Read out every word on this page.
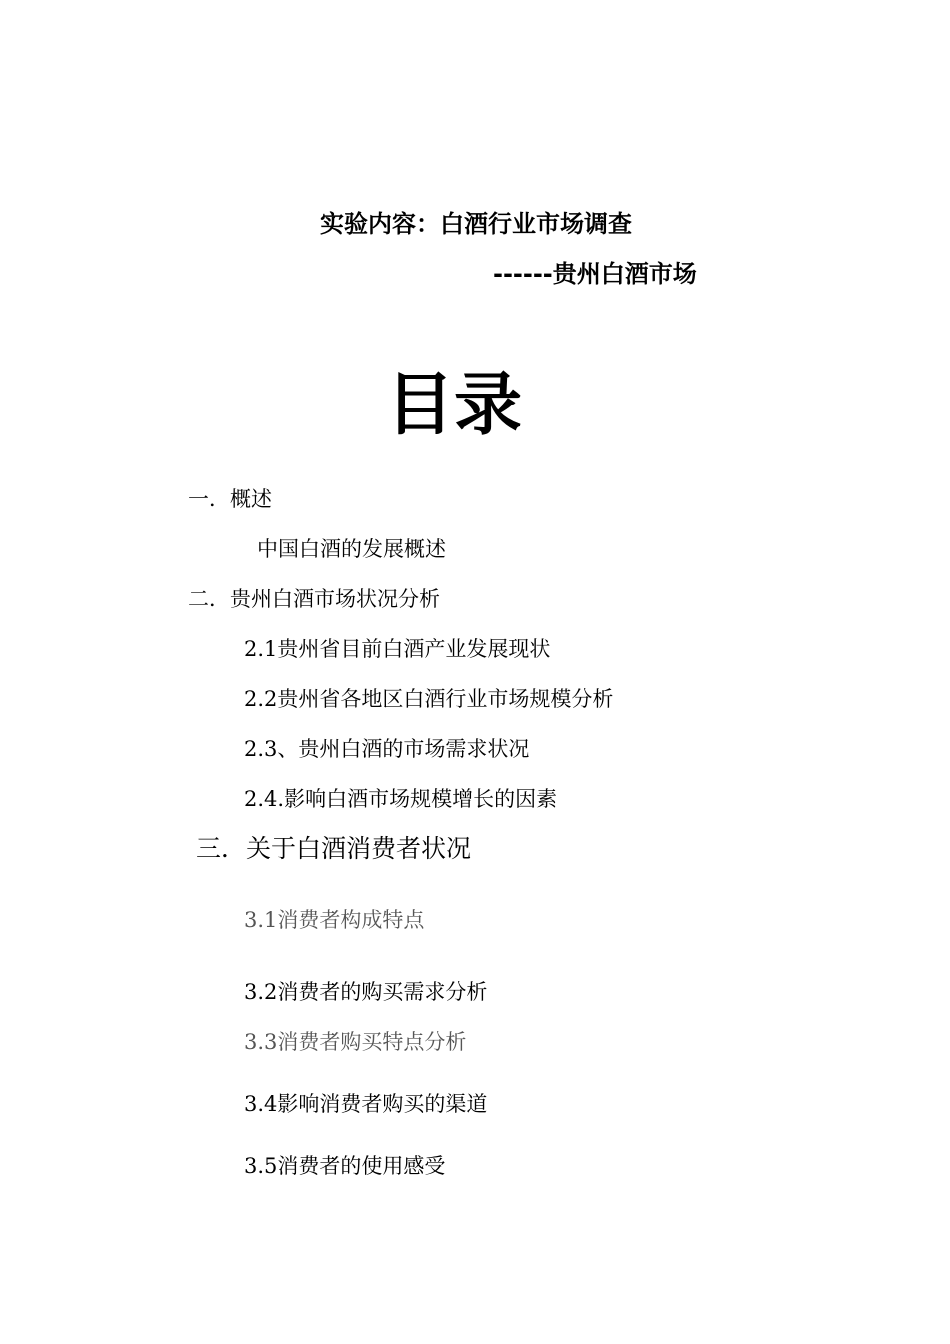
实验内容：白酒行业市场调查
------贵州白酒市场
目录
一．概述
中国白酒的发展概述
二．贵州白酒市场状况分析
2.1贵州省目前白酒产业发展现状
2.2贵州省各地区白酒行业市场规模分析
2.3、贵州白酒的市场需求状况
2.4.影响白酒市场规模增长的因素
三．关于白酒消费者状况
3.1消费者构成特点
3.2消费者的购买需求分析
3.3消费者购买特点分析
3.4影响消费者购买的渠道
3.5消费者的使用感受
